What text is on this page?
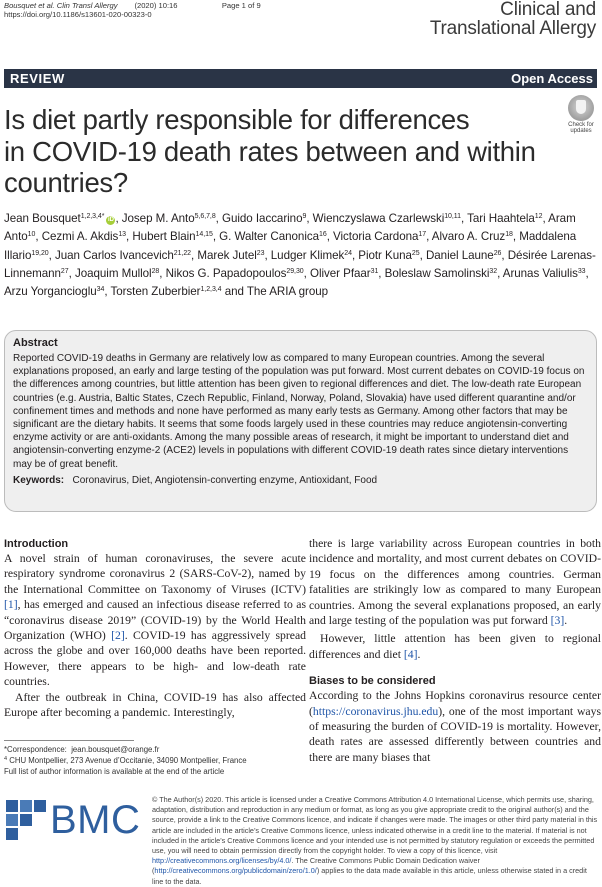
Bousquet et al. Clin Transl Allergy (2020) 10:16	Page 1 of 9
https://doi.org/10.1186/s13601-020-00323-0	Clinical and
Translational Allergy
REVIEW	Open Access
Check for
updates
Is diet partly responsible for differences
in COVID-19 death rates between and within
countries?
Jean Bousquet$^{1,2,3,4*}$ iD , Josep M. Anto$^{5,6,7,8}$, Guido Iaccarino$^9$, Wienczyslawa Czarlewski$^{10,11}$, Tari Haahtela$^{12}$, Aram Anto$^{10}$, Cezmi A. Akdis$^{13}$, Hubert Blain$^{14,15}$, G. Walter Canonica$^{16}$, Victoria Cardona$^{17}$, Alvaro A. Cruz$^{18}$, Maddalena Illario$^{19,20}$, Juan Carlos Ivancevich$^{21,22}$, Marek Jutel$^{23}$, Ludger Klimek$^{24}$, Piotr Kuna$^{25}$, Daniel Laune$^{26}$, Désirée Larenas-Linnemann$^{27}$, Joaquim Mullol$^{28}$, Nikos G. Papadopoulos$^{29,30}$, Oliver Pfaar$^{31}$, Boleslaw Samolinski$^{32}$, Arunas Valiulis$^{33}$, Arzu Yorgancioglu$^{34}$, Torsten Zuberbier$^{1,2,3,4}$ and The ARIA group
Abstract

Reported COVID-19 deaths in Germany are relatively low as compared to many European countries. Among the several explanations proposed, an early and large testing of the population was put forward. Most current debates on COVID-19 focus on the differences among countries, but little attention has been given to regional differences and diet. The low-death rate European countries (e.g. Austria, Baltic States, Czech Republic, Finland, Norway, Poland, Slovakia) have used different quarantine and/or confinement times and methods and none have performed as many early tests as Germany. Among other factors that may be significant are the dietary habits. It seems that some foods largely used in these countries may reduce angiotensin-converting enzyme activity or are anti-oxidants. Among the many possible areas of research, it might be important to understand diet and angiotensin-converting enzyme-2 (ACE2) levels in populations with different COVID-19 death rates since dietary interventions may be of great benefit.

Keywords: Coronavirus, Diet, Angiotensin-converting enzyme, Antioxidant, Food
Introduction

A novel strain of human coronaviruses, the severe acute respiratory syndrome coronavirus 2 (SARS-CoV-2), named by the International Committee on Taxonomy of Viruses (ICTV) [1], has emerged and caused an infectious disease referred to as “coronavirus disease 2019” (COVID-19) by the World Health Organization (WHO) [2]. COVID-19 has aggressively spread across the globe and over 160,000 deaths have been reported. However, there appears to be high- and low-death rate countries.

After the outbreak in China, COVID-19 has also affected Europe after becoming a pandemic. Interestingly,

there is large variability across European countries in both incidence and mortality, and most current debates on COVID-19 focus on the differences among countries. German fatalities are strikingly low as compared to many European countries. Among the several explanations proposed, an early and large testing of the population was put forward [3].

However, little attention has been given to regional differences and diet [4].

Biases to be considered

According to the Johns Hopkins coronavirus resource center (https://coronavirus.jhu.edu), one of the most important ways of measuring the burden of COVID-19 is mortality. However, death rates are assessed differently between countries and there are many biases that

*Correspondence: jean.bousquet@orange.fr
$^4$ CHU Montpellier, 273 Avenue d’Occitanie, 34090 Montpellier, France
Full list of author information is available at the end of the article
BMC © The Author(s) 2020. This article is licensed under a Creative Commons Attribution 4.0 International License, which permits use, sharing, adaptation, distribution and reproduction in any medium or format, as long as you give appropriate credit to the original author(s) and the source, provide a link to the Creative Commons licence, and indicate if changes were made. The images or other third party material in this article are included in the article’s Creative Commons licence, unless indicated otherwise in a credit line to the material. If material is not included in the article’s Creative Commons licence and your intended use is not permitted by statutory regulation or exceeds the permitted use, you will need to obtain permission directly from the copyright holder. To view a copy of this licence, visit http://creativecommons.org/licenses/by/4.0/. The Creative Commons Public Domain Dedication waiver (http://creativecommons.org/publicdomain/zero/1.0/) applies to the data made available in this article, unless otherwise stated in a credit line to the data.
